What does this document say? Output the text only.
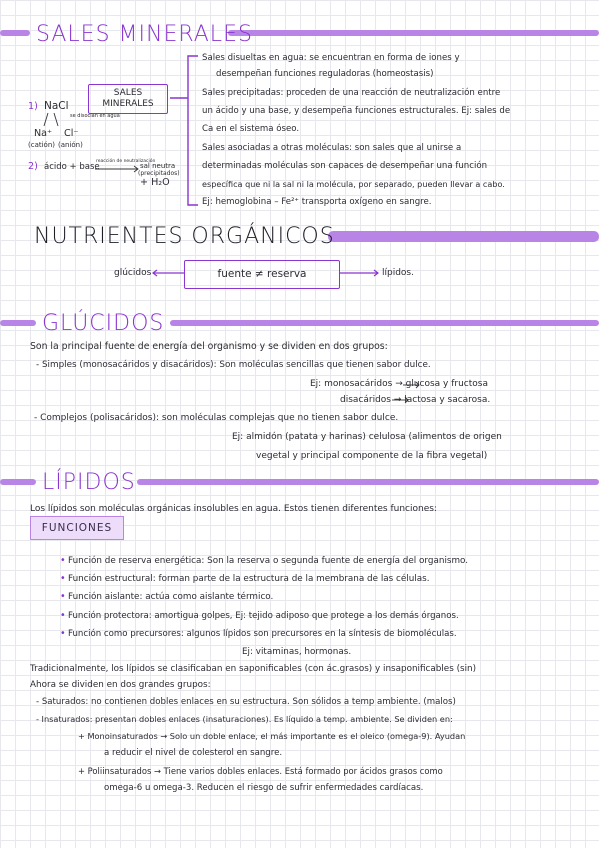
SALES MINERALES
SALES
MINERALES
1) NaCl
se disocian en agua
Na⁺ Cl⁻
(catión) (anión)
2) ácido + base
reacción de neutralización
sal neutra
(precipitados)
+ H₂O
Sales disueltas en agua: se encuentran en forma de iones y
desempeñan funciones reguladoras (homeostasis)
Sales precipitadas: proceden de una reacción de neutralización entre
un ácido y una base, y desempeña funciones estructurales. Ej: sales de
Ca en el sistema óseo.
Sales asociadas a otras moléculas: son sales que al unirse a
determinadas moléculas son capaces de desempeñar una función
específica que ni la sal ni la molécula, por separado, pueden llevar a cabo.
Ej: hemoglobina – Fe²⁺ transporta oxígeno en sangre.
NUTRIENTES ORGÁNICOS
glúcidos	fuente ≠ reserva	lípidos.
GLÚCIDOS
Son la principal fuente de energía del organismo y se dividen en dos grupos:
- Simples (monosacáridos y disacáridos): Son moléculas sencillas que tienen sabor dulce.
Ej: monosacáridos → glucosa y fructosa
disacáridos → lactosa y sacarosa.
- Complejos (polisacáridos): son moléculas complejas que no tienen sabor dulce.
Ej: almidón (patata y harinas) celulosa (alimentos de origen
vegetal y principal componente de la fibra vegetal)
LÍPIDOS
Los lípidos son moléculas orgánicas insolubles en agua. Estos tienen diferentes funciones:
FUNCIONES
• Función de reserva energética: Son la reserva o segunda fuente de energía del organismo.
• Función estructural: forman parte de la estructura de la membrana de las células.
• Función aislante: actúa como aislante térmico.
• Función protectora: amortigua golpes, Ej: tejido adiposo que protege a los demás órganos.
• Función como precursores: algunos lípidos son precursores en la síntesis de biomoléculas.
Ej: vitaminas, hormonas.
Tradicionalmente, los lípidos se clasificaban en saponificables (con ác.grasos) y insaponificables (sin)
Ahora se dividen en dos grandes grupos:
- Saturados: no contienen dobles enlaces en su estructura. Son sólidos a temp ambiente. (malos)
- Insaturados: presentan dobles enlaces (insaturaciones). Es líquido a temp. ambiente. Se dividen en:
+ Monoinsaturados → Solo un doble enlace, el más importante es el oleico (omega-9). Ayudan
a reducir el nivel de colesterol en sangre.
+ Poliinsaturados → Tiene varios dobles enlaces. Está formado por ácidos grasos como
omega-6 u omega-3. Reducen el riesgo de sufrir enfermedades cardíacas.
